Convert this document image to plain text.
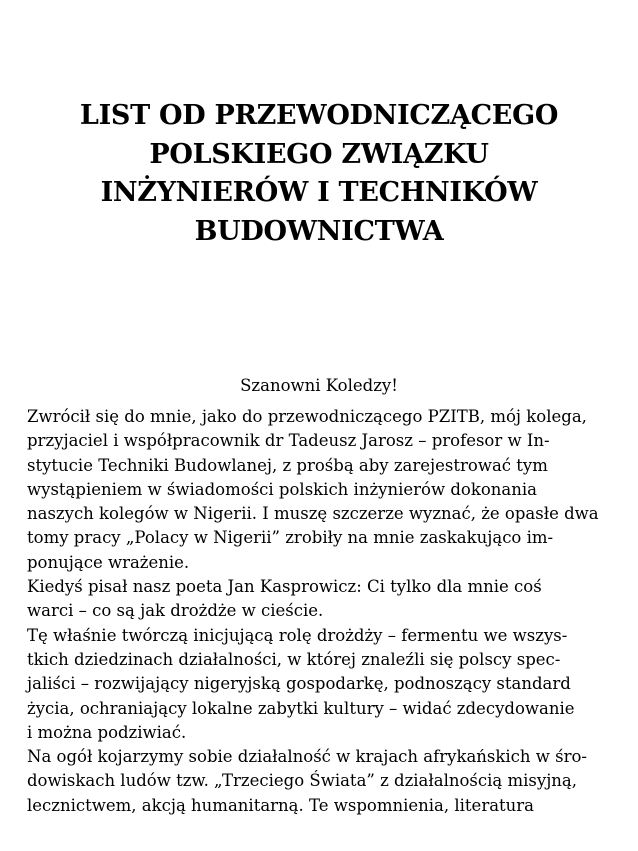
LIST OD PRZEWODNICZĄCEGO
POLSKIEGO ZWIĄZKU
INŻYNIERÓW I TECHNIKÓW
BUDOWNICTWA
Szanowni Koledzy!
Zwrócił się do mnie, jako do przewodniczącego PZITB, mój kolega,
przyjaciel i współpracownik dr Tadeusz Jarosz – profesor w In-
stytucie Techniki Budowlanej, z prośbą aby zarejestrować tym
wystąpieniem w świadomości polskich inżynierów dokonania
naszych kolegów w Nigerii. I muszę szczerze wyznać, że opasłe dwa
tomy pracy „Polacy w Nigerii” zrobiły na mnie zaskakująco im-
ponujące wrażenie.
Kiedyś pisał nasz poeta Jan Kasprowicz: Ci tylko dla mnie coś
warci – co są jak drożdże w cieście.
Tę właśnie twórczą inicjującą rolę drożdży – fermentu we wszys-
tkich dziedzinach działalności, w której znaleźli się polscy spec-
jaliści – rozwijający nigeryjską gospodarkę, podnoszący standard
życia, ochraniający lokalne zabytki kultury – widać zdecydowanie
i można podziwiać.
Na ogół kojarzymy sobie działalność w krajach afrykańskich w śro-
dowiskach ludów tzw. „Trzeciego Świata” z działalnością misyjną,
lecznictwem, akcją humanitarną. Te wspomnienia, literatura
